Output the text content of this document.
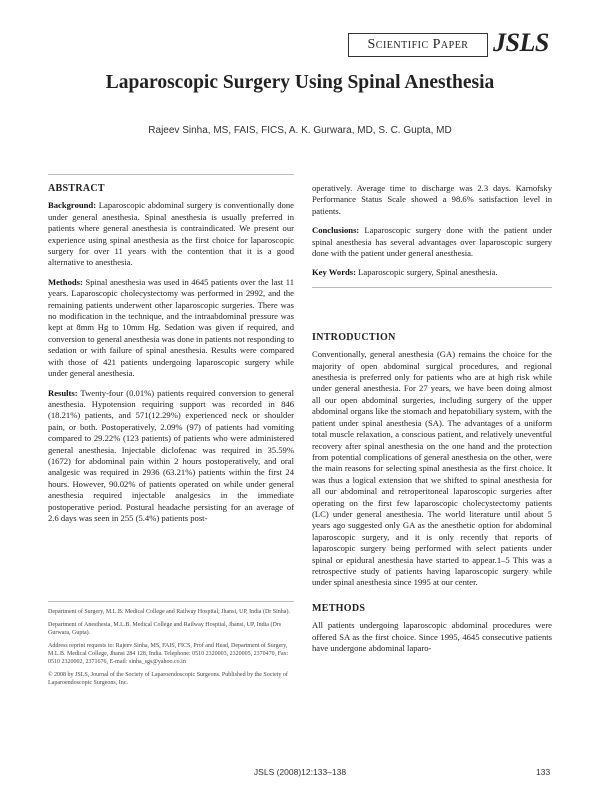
Scientific Paper JSLS
Laparoscopic Surgery Using Spinal Anesthesia
Rajeev Sinha, MS, FAIS, FICS, A. K. Gurwara, MD, S. C. Gupta, MD
ABSTRACT

Background: Laparoscopic abdominal surgery is conventionally done under general anesthesia. Spinal anesthesia is usually preferred in patients where general anesthesia is contraindicated. We present our experience using spinal anesthesia as the first choice for laparoscopic surgery for over 11 years with the contention that it is a good alternative to anesthesia.

Methods: Spinal anesthesia was used in 4645 patients over the last 11 years. Laparoscopic cholecystectomy was performed in 2992, and the remaining patients underwent other laparoscopic surgeries. There was no modification in the technique, and the intraabdominal pressure was kept at 8mm Hg to 10mm Hg. Sedation was given if required, and conversion to general anesthesia was done in patients not responding to sedation or with failure of spinal anesthesia. Results were compared with those of 421 patients undergoing laparoscopic surgery while under general anesthesia.

Results: Twenty-four (0.01%) patients required conversion to general anesthesia. Hypotension requiring support was recorded in 846 (18.21%) patients, and 571(12.29%) experienced neck or shoulder pain, or both. Postoperatively, 2.09% (97) of patients had vomiting compared to 29.22% (123 patients) of patients who were administered general anesthesia. Injectable diclofenac was required in 35.59% (1672) for abdominal pain within 2 hours postoperatively, and oral analgesic was required in 2936 (63.21%) patients within the first 24 hours. However, 90.02% of patients operated on while under general anesthesia required injectable analgesics in the immediate postoperative period. Postural headache persisting for an average of 2.6 days was seen in 255 (5.4%) patients post-

Department of Surgery, M.L.B. Medical College and Railway Hospital, Jhansi, UP, India (Dr Sinha).

Department of Anesthesia, M.L.B. Medical College and Railway Hospital, Jhansi, UP, India (Drs Gurwara, Gupta).

Address reprint requests to: Rajeev Sinha, MS, FAIS, FICS, Prof and Head, Department of Surgery, M.L.B. Medical College, Jhansi 284 128, India. Telephone: 0510 2320003, 2320005, 2370470, Fax: 0510 2320002, 2371676, E-mail: sinha_sgs@yahoo.co.in

© 2008 by JSLS, Journal of the Society of Laparoendoscopic Surgeons. Published by the Society of Laparoendoscopic Surgeons, Inc.

operatively. Average time to discharge was 2.3 days. Karnofsky Performance Status Scale showed a 98.6% satisfaction level in patients.

Conclusions: Laparoscopic surgery done with the patient under spinal anesthesia has several advantages over laparoscopic surgery done with the patient under general anesthesia.

Key Words: Laparoscopic surgery, Spinal anesthesia.

INTRODUCTION

Conventionally, general anesthesia (GA) remains the choice for the majority of open abdominal surgical procedures, and regional anesthesia is preferred only for patients who are at high risk while under general anesthesia. For 27 years, we have been doing almost all our open abdominal surgeries, including surgery of the upper abdominal organs like the stomach and hepatobiliary system, with the patient under spinal anesthesia (SA). The advantages of a uniform total muscle relaxation, a conscious patient, and relatively uneventful recovery after spinal anesthesia on the one hand and the protection from potential complications of general anesthesia on the other, were the main reasons for selecting spinal anesthesia as the first choice. It was thus a logical extension that we shifted to spinal anesthesia for all our abdominal and retroperitoneal laparoscopic surgeries after operating on the first few laparoscopic cholecystectomy patients (LC) under general anesthesia. The world literature until about 5 years ago suggested only GA as the anesthetic option for abdominal laparoscopic surgery, and it is only recently that reports of laparoscopic surgery being performed with select patients under spinal or epidural anesthesia have started to appear.1–5 This was a retrospective study of patients having laparoscopic surgery while under spinal anesthesia since 1995 at our center.

METHODS

All patients undergoing laparoscopic abdominal procedures were offered SA as the first choice. Since 1995, 4645 consecutive patients have undergone abdominal laparo-

JSLS (2008)12:133–138	133
